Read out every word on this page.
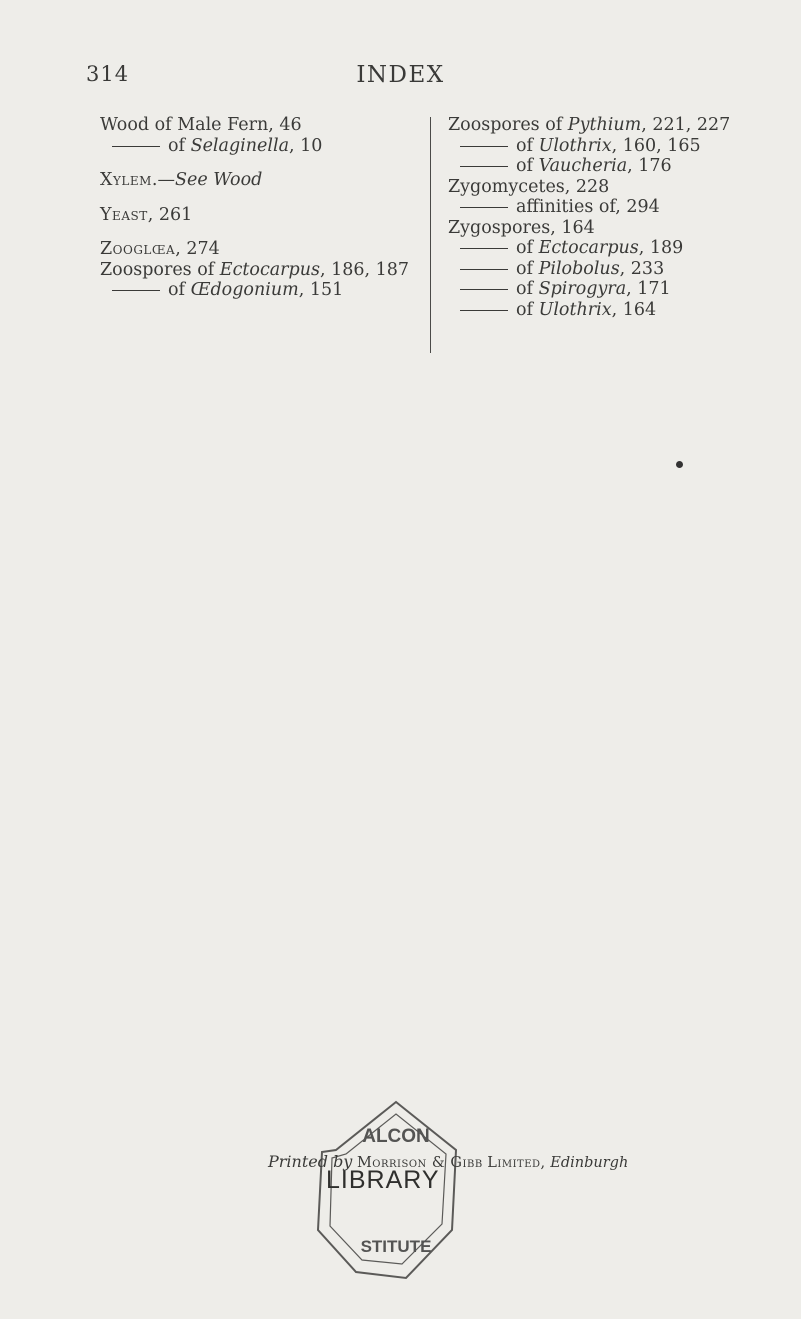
314	INDEX
Wood of Male Fern, 46
of Selaginella, 10
Xylem.—See Wood
Yeast, 261
Zooglœa, 274
Zoospores of Ectocarpus, 186, 187
of Œdogonium, 151
Zoospores of Pythium, 221, 227
of Ulothrix, 160, 165
of Vaucheria, 176
Zygomycetes, 228
affinities of, 294
Zygospores, 164
of Ectocarpus, 189
of Pilobolus, 233
of Spirogyra, 171
of Ulothrix, 164
ALCON
STITUTE
Printed by Morrison & Gibb Limited, Edinburgh
LIBRARY
